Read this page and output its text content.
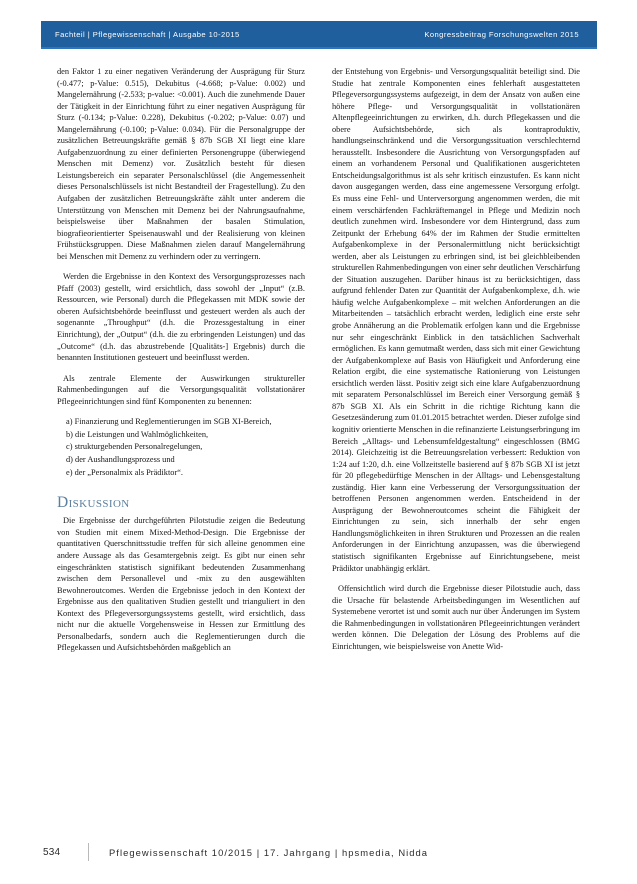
Fachteil | Pflegewissenschaft | Ausgabe 10-2015	Kongressbeitrag Forschungswelten 2015

den Faktor 1 zu einer negativen Veränderung der Ausprägung für Sturz (-0.477; p-Value: 0.515), Dekubitus (-4.668; p-Value: 0.002) und Mangelernährung (-2.533; p-value: <0.001). Auch die zunehmende Dauer der Tätigkeit in der Einrichtung führt zu einer negativen Ausprägung für Sturz (-0.134; p-Value: 0.228), Dekubitus (-0.202; p-Value: 0.07) und Mangelernährung (-0.100; p-Value: 0.034). Für die Personalgruppe der zusätzlichen Betreuungskräfte gemäß § 87b SGB XI liegt eine klare Aufgabenzuordnung zu einer definierten Personengruppe (überwiegend Menschen mit Demenz) vor. Zusätzlich besteht für diesen Leistungsbereich ein separater Personalschlüssel (die Angemessenheit dieses Personalschlüssels ist nicht Bestandteil der Fragestellung). Zu den Aufgaben der zusätzlichen Betreuungskräfte zählt unter anderem die Unterstützung von Menschen mit Demenz bei der Nahrungsaufnahme, beispielsweise über Maßnahmen der basalen Stimulation, biografieorientierter Speisenauswahl und der Realisierung von kleinen Frühstücksgruppen. Diese Maßnahmen zielen darauf Mangelernährung bei Menschen mit Demenz zu verhindern oder zu verringern.

Werden die Ergebnisse in den Kontext des Versorgungsprozesses nach Pfaff (2003) gestellt, wird ersichtlich, dass sowohl der „Input“ (z.B. Ressourcen, wie Personal) durch die Pflegekassen mit MDK sowie der oberen Aufsichtsbehörde beeinflusst und gesteuert werden als auch der sogenannte „Throughput“ (d.h. die Prozessgestaltung in einer Einrichtung), der „Output“ (d.h. die zu erbringenden Leistungen) und das „Outcome“ (d.h. das abzustrebende [Qualitäts-] Ergebnis) durch die benannten Institutionen gesteuert und beeinflusst werden.

Als zentrale Elemente der Auswirkungen struktureller Rahmenbedingungen auf die Versorgungsqualität vollstationärer Pflegeeinrichtungen sind fünf Komponenten zu benennen:

a) Finanzierung und Reglementierungen im SGB XI-Bereich,
b) die Leistungen und Wahlmöglichkeiten,
c) strukturgebenden Personalregelungen,
d) der Aushandlungsprozess und
e) der „Personalmix als Prädiktor“.
Diskussion

Die Ergebnisse der durchgeführten Pilotstudie zeigen die Bedeutung von Studien mit einem Mixed-Method-Design. Die Ergebnisse der quantitativen Querschnittsstudie treffen für sich alleine genommen eine andere Aussage als das Gesamtergebnis zeigt. Es gibt nur einen sehr eingeschränkten statistisch signifikant bedeutenden Zusammenhang zwischen dem Personallevel und -mix zu den ausgewählten Bewohneroutcomes. Werden die Ergebnisse jedoch in den Kontext der Ergebnisse aus den qualitativen Studien gestellt und trianguliert in den Kontext des Pflegeversorgungssystems gestellt, wird ersichtlich, dass nicht nur die aktuelle Vorgehensweise in Hessen zur Ermittlung des Personalbedarfs, sondern auch die Reglementierungen durch die Pflegekassen und Aufsichtsbehörden maßgeblich an

der Entstehung von Ergebnis- und Versorgungsqualität beteiligt sind. Die Studie hat zentrale Komponenten eines fehlerhaft ausgestatteten Pflegeversorgungssystems aufgezeigt, in dem der Ansatz von außen eine höhere Pflege- und Versorgungsqualität in vollstationären Altenpflegeeinrichtungen zu erwirken, d.h. durch Pflegekassen und die obere Aufsichtsbehörde, sich als kontraproduktiv, handlungseinschränkend und die Versorgungssituation verschlechternd herausstellt. Insbesondere die Ausrichtung von Versorgungspfaden auf einem an vorhandenem Personal und Qualifikationen ausgerichteten Entscheidungsalgorithmus ist als sehr kritisch einzustufen. Es kann nicht davon ausgegangen werden, dass eine angemessene Versorgung erfolgt. Es muss eine Fehl- und Unterversorgung angenommen werden, die mit einem verschärfenden Fachkräftemangel in Pflege und Medizin noch deutlich zunehmen wird. Insbesondere vor dem Hintergrund, dass zum Zeitpunkt der Erhebung 64% der im Rahmen der Studie ermittelten Aufgabenkomplexe in der Personalermittlung nicht berücksichtigt werden, aber als Leistungen zu erbringen sind, ist bei gleichbleibenden strukturellen Rahmenbedingungen von einer sehr deutlichen Verschärfung der Situation auszugehen. Darüber hinaus ist zu berücksichtigen, dass aufgrund fehlender Daten zur Quantität der Aufgabenkomplexe, d.h. wie häufig welche Aufgabenkomplexe – mit welchen Anforderungen an die Mitarbeitenden – tatsächlich erbracht werden, lediglich eine erste sehr grobe Annäherung an die Problematik erfolgen kann und die Ergebnisse nur sehr eingeschränkt Einblick in den tatsächlichen Sachverhalt ermöglichen. Es kann gemutmaßt werden, dass sich mit einer Gewichtung der Aufgabenkomplexe auf Basis von Häufigkeit und Anforderung eine Relation ergibt, die eine systematische Rationierung von Leistungen ersichtlich werden lässt. Positiv zeigt sich eine klare Aufgabenzuordnung mit separatem Personalschlüssel im Bereich einer Versorgung gemäß § 87b SGB XI. Als ein Schritt in die richtige Richtung kann die Gesetzesänderung zum 01.01.2015 betrachtet werden. Dieser zufolge sind kognitiv orientierte Menschen in die refinanzierte Leistungserbringung im Bereich „Alltags- und Lebensumfeldgestaltung“ eingeschlossen (BMG 2014). Gleichzeitig ist die Betreuungsrelation verbessert: Reduktion von 1:24 auf 1:20, d.h. eine Vollzeitstelle basierend auf § 87b SGB XI ist jetzt für 20 pflegebedürftige Menschen in der Alltags- und Lebensgestaltung zuständig. Hier kann eine Verbesserung der Versorgungssituation der betroffenen Personen angenommen werden. Entscheidend in der Ausprägung der Bewohneroutcomes scheint die Fähigkeit der Einrichtungen zu sein, sich innerhalb der sehr engen Handlungsmöglichkeiten in ihren Strukturen und Prozessen an die realen Anforderungen in der Einrichtung anzupassen, was die überwiegend statistisch signifikanten Ergebnisse auf Einrichtungsebene, meist Prädiktor unabhängig erklärt.

Offensichtlich wird durch die Ergebnisse dieser Pilotstudie auch, dass die Ursache für belastende Arbeitsbedingungen im Wesentlichen auf Systemebene verortet ist und somit auch nur über Änderungen im System die Rahmenbedingungen in vollstationären Pflegeeinrichtungen verändert werden können. Die Delegation der Lösung des Problems auf die Einrichtungen, wie beispielsweise von Anette Wid-

534	Pflegewissenschaft 10/2015 | 17. Jahrgang | hpsmedia, Nidda
